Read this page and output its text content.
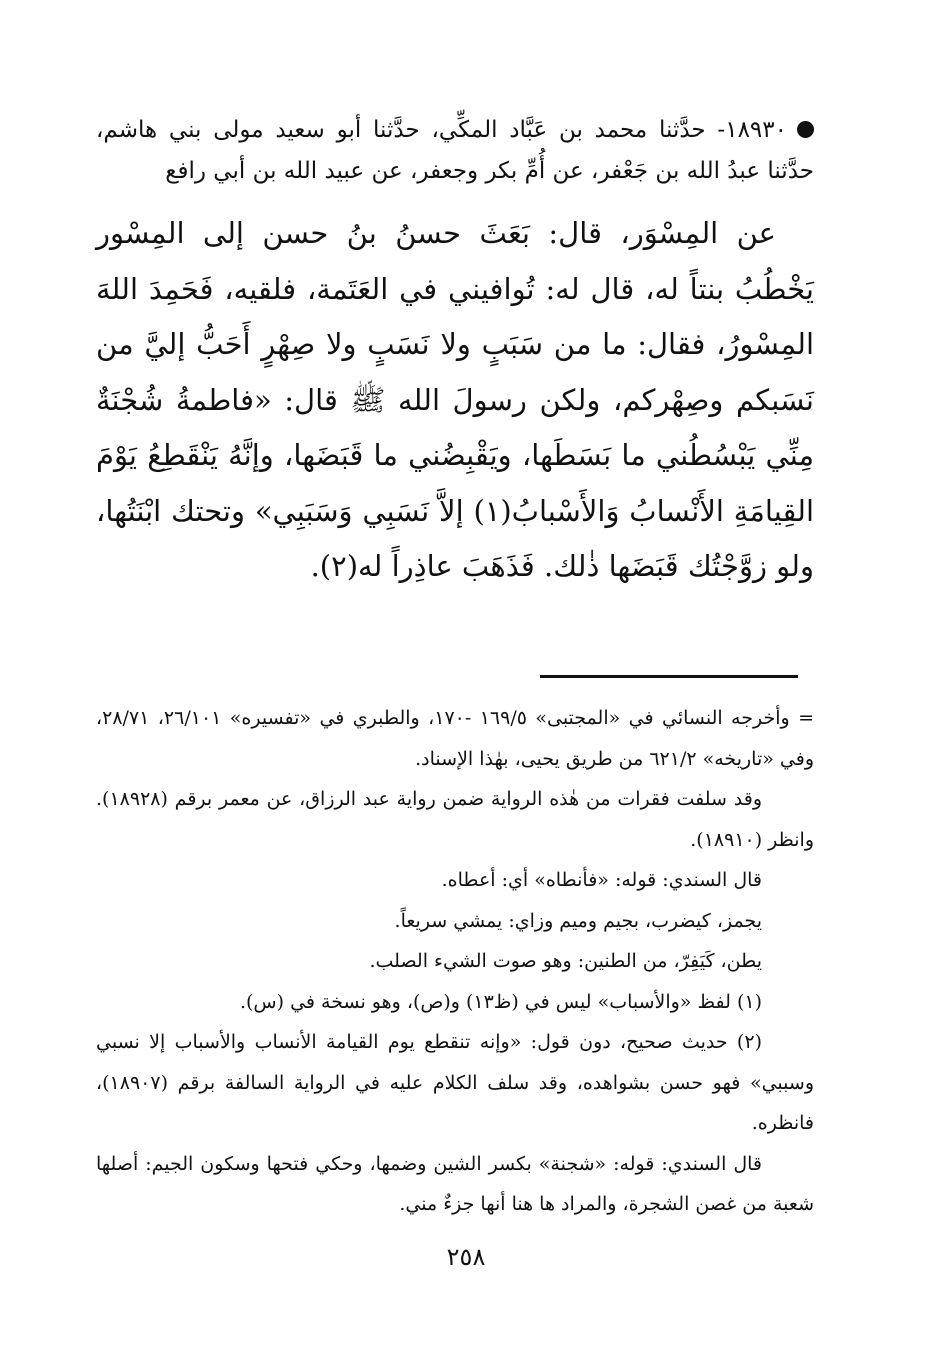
١٨٩٣٠- حدَّثنا محمد بن عَبَّاد المكِّي، حدَّثنا أبو سعيد مولى بني هاشم، حدَّثنا عبدُ الله بن جَعْفر، عن أُمِّ بكر وجعفر، عن عبيد الله بن أبي رافع

عن المِسْوَر، قال: بَعَثَ حسنُ بنُ حسن إلى المِسْور يَخْطُبُ بنتاً له، قال له: تُوافيني في العَتَمة، فلقيه، فَحَمِدَ اللهَ المِسْورُ، فقال: ما من سَبَبٍ ولا نَسَبٍ ولا صِهْرٍ أَحَبُّ إليَّ من نَسَبكم وصِهْركم، ولكن رسولَ الله ﷺ قال: «فاطمةُ شُجْنَةٌ مِنِّي يَبْسُطُني ما بَسَطَها، ويَقْبِضُني ما قَبَضَها، وإنَّهُ يَنْقَطِعُ يَوْمَ القِيامَةِ الأَنْسابُ وَالأَسْبابُ(١) إلاَّ نَسَبِي وَسَبَبِي» وتحتك ابْنَتُها، ولو زوَّجْتُك قَبَضَها ذٰلك. فَذَهَبَ عاذِراً له(٢).

= وأخرجه النسائي في «المجتبى» ١٦٩/٥ -١٧٠، والطبري في «تفسيره» ٢٦/١٠١، ٢٨/٧١، وفي «تاريخه» ٦٢١/٢ من طريق يحيى، بهٰذا الإسناد.

وقد سلفت فقرات من هٰذه الرواية ضمن رواية عبد الرزاق، عن معمر برقم (١٨٩٢٨). وانظر (١٨٩١٠).

قال السندي: قوله: «فأنطاه» أي: أعطاه.

يجمز، كيضرب، بجيم وميم وزاي: يمشي سريعاً.

يطن، كَيَفِرّ، من الطنين: وهو صوت الشيء الصلب.

(١) لفظ «والأسباب» ليس في (ظ١٣) و(ص)، وهو نسخة في (س).

(٢) حديث صحيح، دون قول: «وإنه تنقطع يوم القيامة الأنساب والأسباب إلا نسبي وسببي» فهو حسن بشواهده، وقد سلف الكلام عليه في الرواية السالفة برقم (١٨٩٠٧)، فانظره.

قال السندي: قوله: «شجنة» بكسر الشين وضمها، وحكي فتحها وسكون الجيم: أصلها شعبة من غصن الشجرة، والمراد ها هنا أنها جزءٌ مني.

٢٥٨
